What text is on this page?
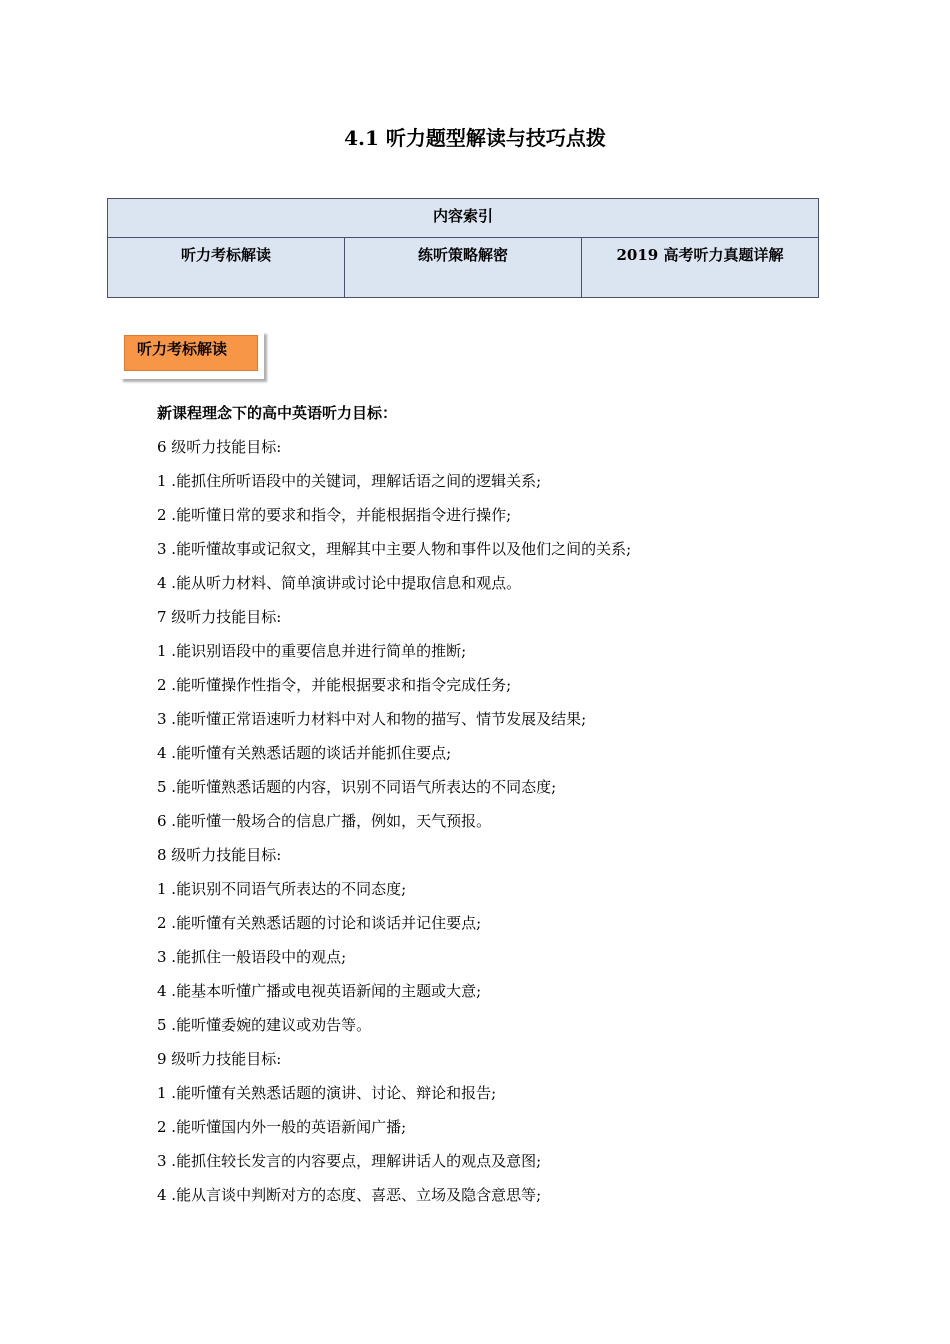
4.1 听力题型解读与技巧点拨
内容索引
听力考标解读	练听策略解密	2019 高考听力真题详解
听力考标解读
新课程理念下的高中英语听力目标：
6 级听力技能目标:
1 .能抓住所听语段中的关键词，理解话语之间的逻辑关系;
2 .能听懂日常的要求和指令，并能根据指令进行操作;
3 .能听懂故事或记叙文，理解其中主要人物和事件以及他们之间的关系;
4 .能从听力材料、简单演讲或讨论中提取信息和观点。
7 级听力技能目标:
1 .能识别语段中的重要信息并进行简单的推断;
2 .能听懂操作性指令，并能根据要求和指令完成任务;
3 .能听懂正常语速听力材料中对人和物的描写、情节发展及结果;
4 .能听懂有关熟悉话题的谈话并能抓住要点;
5 .能听懂熟悉话题的内容，识别不同语气所表达的不同态度;
6 .能听懂一般场合的信息广播，例如，天气预报。
8 级听力技能目标:
1 .能识别不同语气所表达的不同态度;
2 .能听懂有关熟悉话题的讨论和谈话并记住要点;
3 .能抓住一般语段中的观点;
4 .能基本听懂广播或电视英语新闻的主题或大意;
5 .能听懂委婉的建议或劝告等。
9 级听力技能目标:
1 .能听懂有关熟悉话题的演讲、讨论、辩论和报告;
2 .能听懂国内外一般的英语新闻广播;
3 .能抓住较长发言的内容要点，理解讲话人的观点及意图;
4 .能从言谈中判断对方的态度、喜恶、立场及隐含意思等;
